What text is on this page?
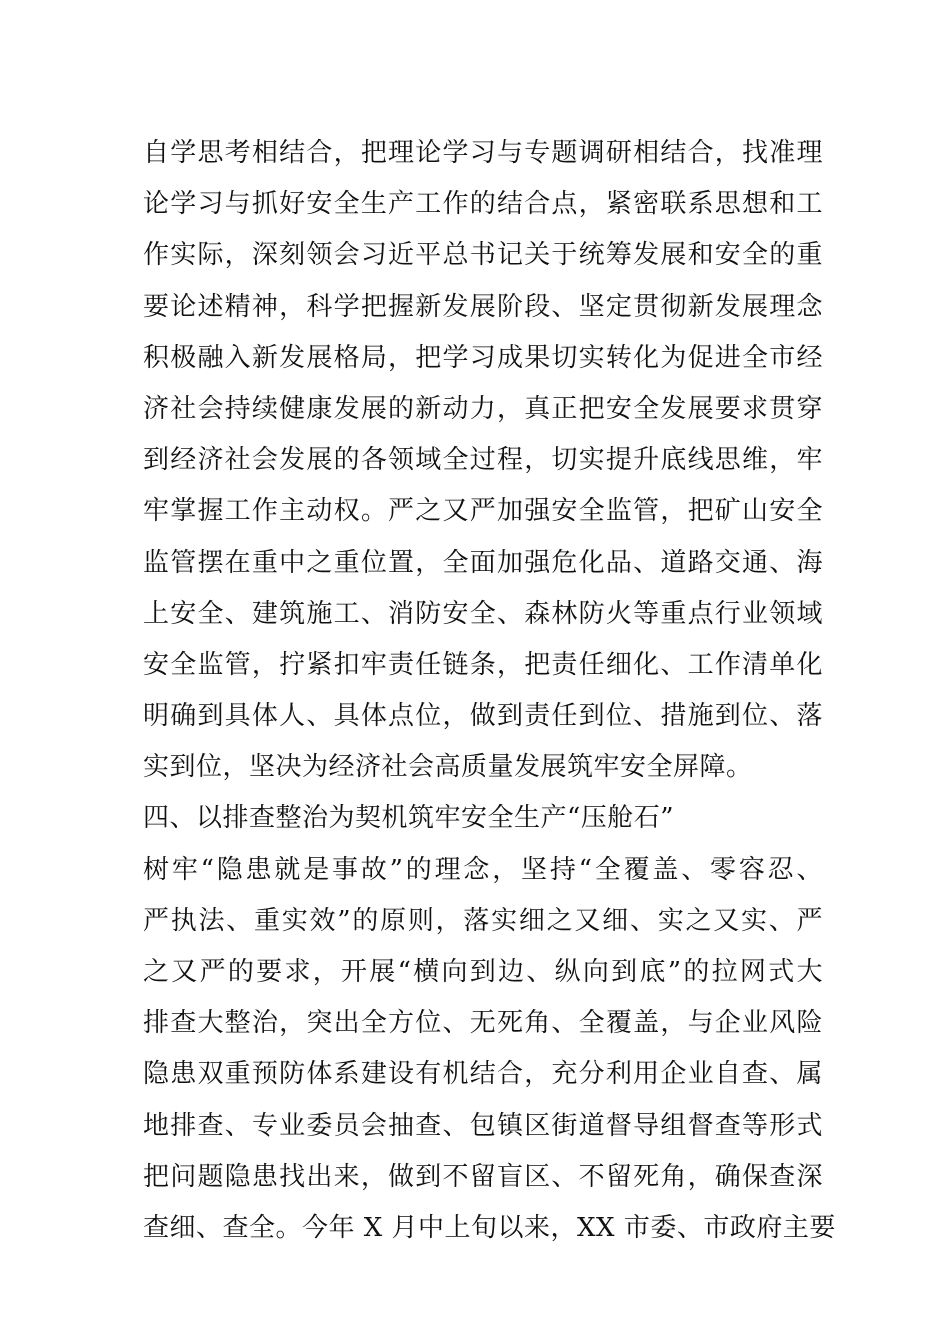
自学思考相结合，把理论学习与专题调研相结合，找准理
论学习与抓好安全生产工作的结合点，紧密联系思想和工
作实际，深刻领会习近平总书记关于统筹发展和安全的重
要论述精神，科学把握新发展阶段、坚定贯彻新发展理念
积极融入新发展格局，把学习成果切实转化为促进全市经
济社会持续健康发展的新动力，真正把安全发展要求贯穿
到经济社会发展的各领域全过程，切实提升底线思维，牢
牢掌握工作主动权。严之又严加强安全监管，把矿山安全
监管摆在重中之重位置，全面加强危化品、道路交通、海
上安全、建筑施工、消防安全、森林防火等重点行业领域
安全监管，拧紧扣牢责任链条，把责任细化、工作清单化
明确到具体人、具体点位，做到责任到位、措施到位、落
实到位，坚决为经济社会高质量发展筑牢安全屏障。
四、以排查整治为契机筑牢安全生产“压舱石”
树牢“隐患就是事故”的理念，坚持“全覆盖、零容忍、
严执法、重实效”的原则，落实细之又细、实之又实、严
之又严的要求，开展“横向到边、纵向到底”的拉网式大
排查大整治，突出全方位、无死角、全覆盖，与企业风险
隐患双重预防体系建设有机结合，充分利用企业自查、属
地排查、专业委员会抽查、包镇区街道督导组督查等形式
把问题隐患找出来，做到不留盲区、不留死角，确保查深
查细、查全。今年 X 月中上旬以来，XX 市委、市政府主要
